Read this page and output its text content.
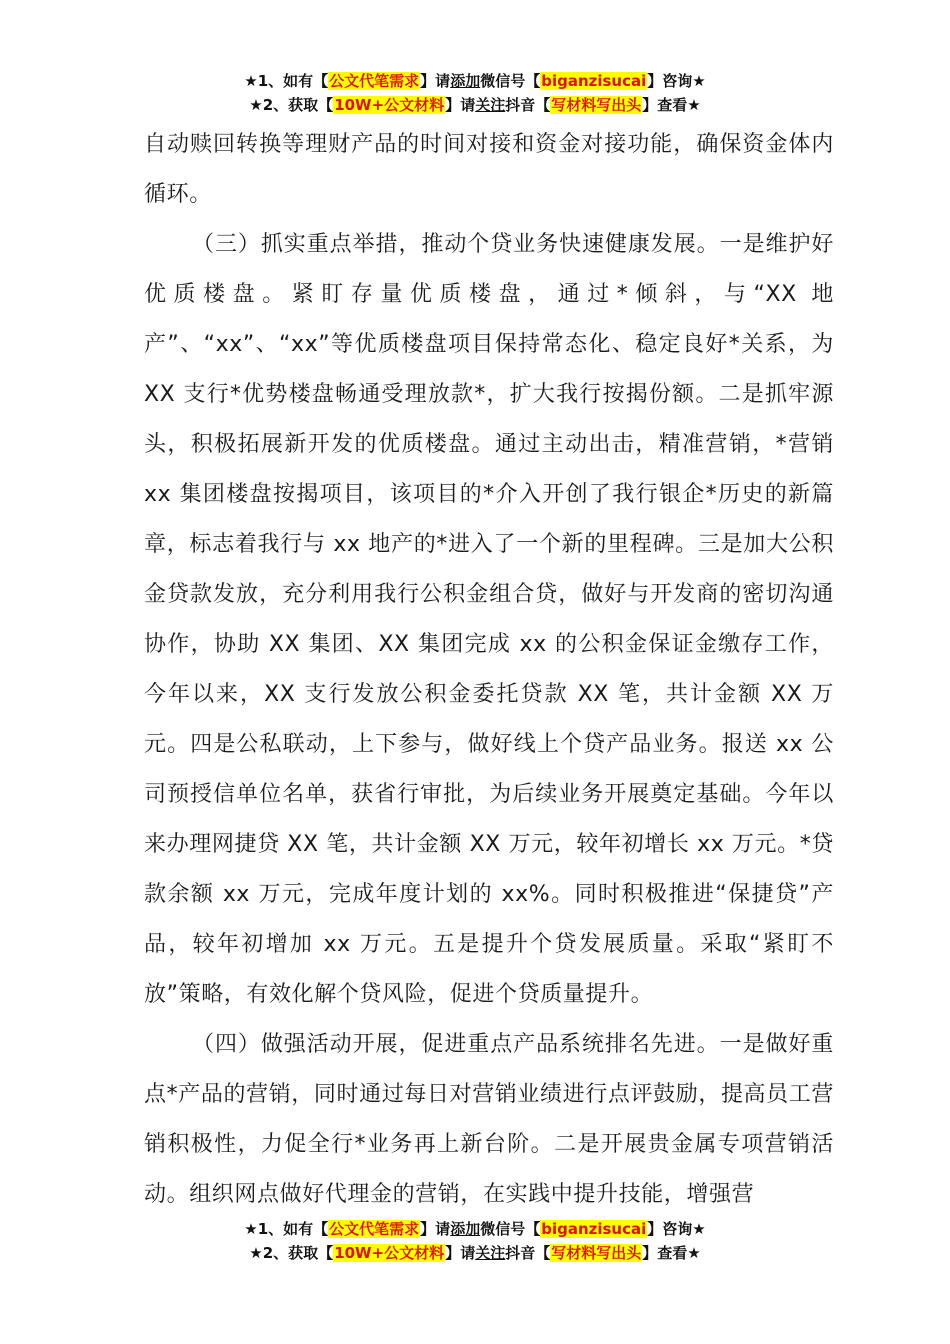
★1、如有【公文代笔需求】请添加微信号【biganzisucai】咨询★
★2、获取【10W+公文材料】请关注抖音【写材料写出头】查看★

自动赎回转换等理财产品的时间对接和资金对接功能，确保资金体内循环。

（三）抓实重点举措，推动个贷业务快速健康发展。一是维护好优质楼盘。紧盯存量优质楼盘，通过*倾斜，与“XX 地产”、“xx”、“xx”等优质楼盘项目保持常态化、稳定良好*关系，为 XX 支行*优势楼盘畅通受理放款*，扩大我行按揭份额。二是抓牢源头，积极拓展新开发的优质楼盘。通过主动出击，精准营销，*营销 xx 集团楼盘按揭项目，该项目的*介入开创了我行银企*历史的新篇章，标志着我行与 xx 地产的*进入了一个新的里程碑。三是加大公积金贷款发放，充分利用我行公积金组合贷，做好与开发商的密切沟通协作，协助 XX 集团、XX 集团完成 xx 的公积金保证金缴存工作，今年以来，XX 支行发放公积金委托贷款 XX 笔，共计金额 XX 万元。四是公私联动，上下参与，做好线上个贷产品业务。报送 xx 公司预授信单位名单，获省行审批，为后续业务开展奠定基础。今年以来办理网捷贷 XX 笔，共计金额 XX 万元，较年初增长 xx 万元。*贷款余额 xx 万元，完成年度计划的 xx%。同时积极推进“保捷贷”产品，较年初增加 xx 万元。五是提升个贷发展质量。采取“紧盯不放”策略，有效化解个贷风险，促进个贷质量提升。

（四）做强活动开展，促进重点产品系统排名先进。一是做好重点*产品的营销，同时通过每日对营销业绩进行点评鼓励，提高员工营销积极性，力促全行*业务再上新台阶。二是开展贵金属专项营销活动。组织网点做好代理金的营销，在实践中提升技能，增强营

★1、如有【公文代笔需求】请添加微信号【biganzisucai】咨询★
★2、获取【10W+公文材料】请关注抖音【写材料写出头】查看★
